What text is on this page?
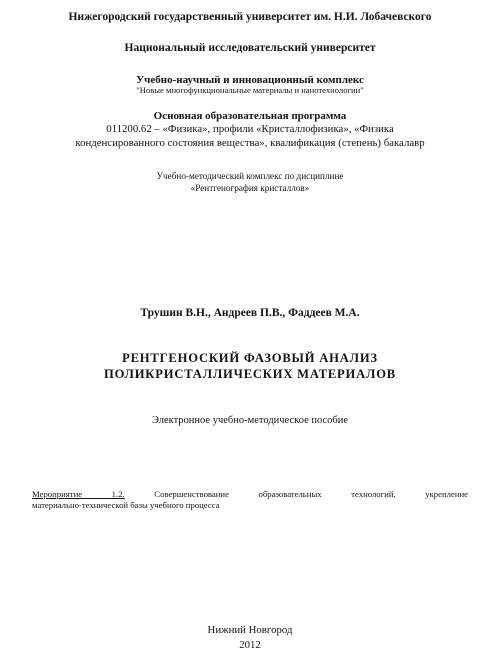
Нижегородский государственный университет им. Н.И. Лобачевского
Национальный исследовательский университет
Учебно-научный и инновационный комплекс
"Новые многофункциональные материалы и нанотехнологии"
Основная образовательная программа
011200.62 – «Физика», профили «Кристаллофизика», «Физика
конденсированного состояния вещества», квалификация (степень) бакалавр
Учебно-методический комплекс по дисциплине
«Рентгенография кристаллов»
Трушин В.Н., Андреев П.В., Фаддеев М.А.
РЕНТГЕНОСКИЙ ФАЗОВЫЙ АНАЛИЗ
ПОЛИКРИСТАЛЛИЧЕСКИХ МАТЕРИАЛОВ
Электронное учебно-методическое пособие
Мероприятие 1.2. Совершенствование образовательных технологий, укрепление
материально-технической базы учебного процесса
Нижний Новгород
2012
